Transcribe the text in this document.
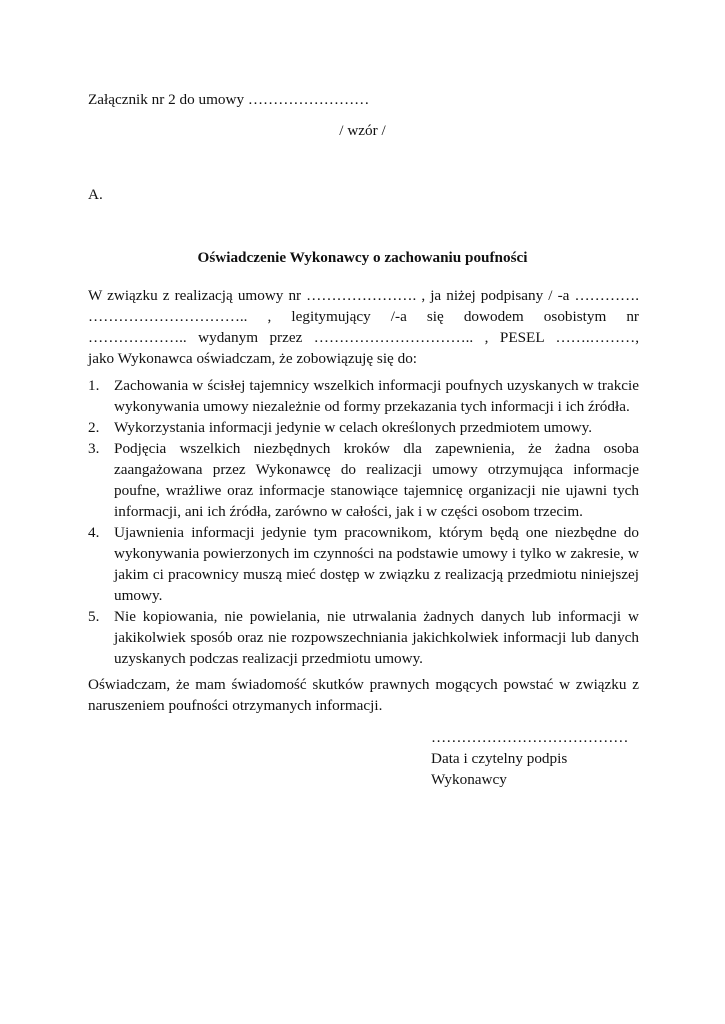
Załącznik nr 2 do umowy ……………………
/ wzór /
A.
Oświadczenie Wykonawcy o zachowaniu poufności
W związku z realizacją umowy nr …………………. , ja niżej podpisany / -a ………….
………………………….. , legitymujący /-a się dowodem osobistym nr
……………….. wydanym przez ………………………….. , PESEL …….………,
jako Wykonawca oświadczam, że zobowiązuję się do:
1. Zachowania w ścisłej tajemnicy wszelkich informacji poufnych uzyskanych w trakcie wykonywania umowy niezależnie od formy przekazania tych informacji i ich źródła.
2. Wykorzystania informacji jedynie w celach określonych przedmiotem umowy.
3. Podjęcia wszelkich niezbędnych kroków dla zapewnienia, że żadna osoba zaangażowana przez Wykonawcę do realizacji umowy otrzymująca informacje poufne, wrażliwe oraz informacje stanowiące tajemnicę organizacji nie ujawni tych informacji, ani ich źródła, zarówno w całości, jak i w części osobom trzecim.
4. Ujawnienia informacji jedynie tym pracownikom, którym będą one niezbędne do wykonywania powierzonych im czynności na podstawie umowy i tylko w zakresie, w jakim ci pracownicy muszą mieć dostęp w związku z realizacją przedmiotu niniejszej umowy.
5. Nie kopiowania, nie powielania, nie utrwalania żadnych danych lub informacji w jakikolwiek sposób oraz nie rozpowszechniania jakichkolwiek informacji lub danych uzyskanych podczas realizacji przedmiotu umowy.

Oświadczam, że mam świadomość skutków prawnych mogących powstać w związku z naruszeniem poufności otrzymanych informacji.

…………………………………
Data i czytelny podpis
Wykonawcy
